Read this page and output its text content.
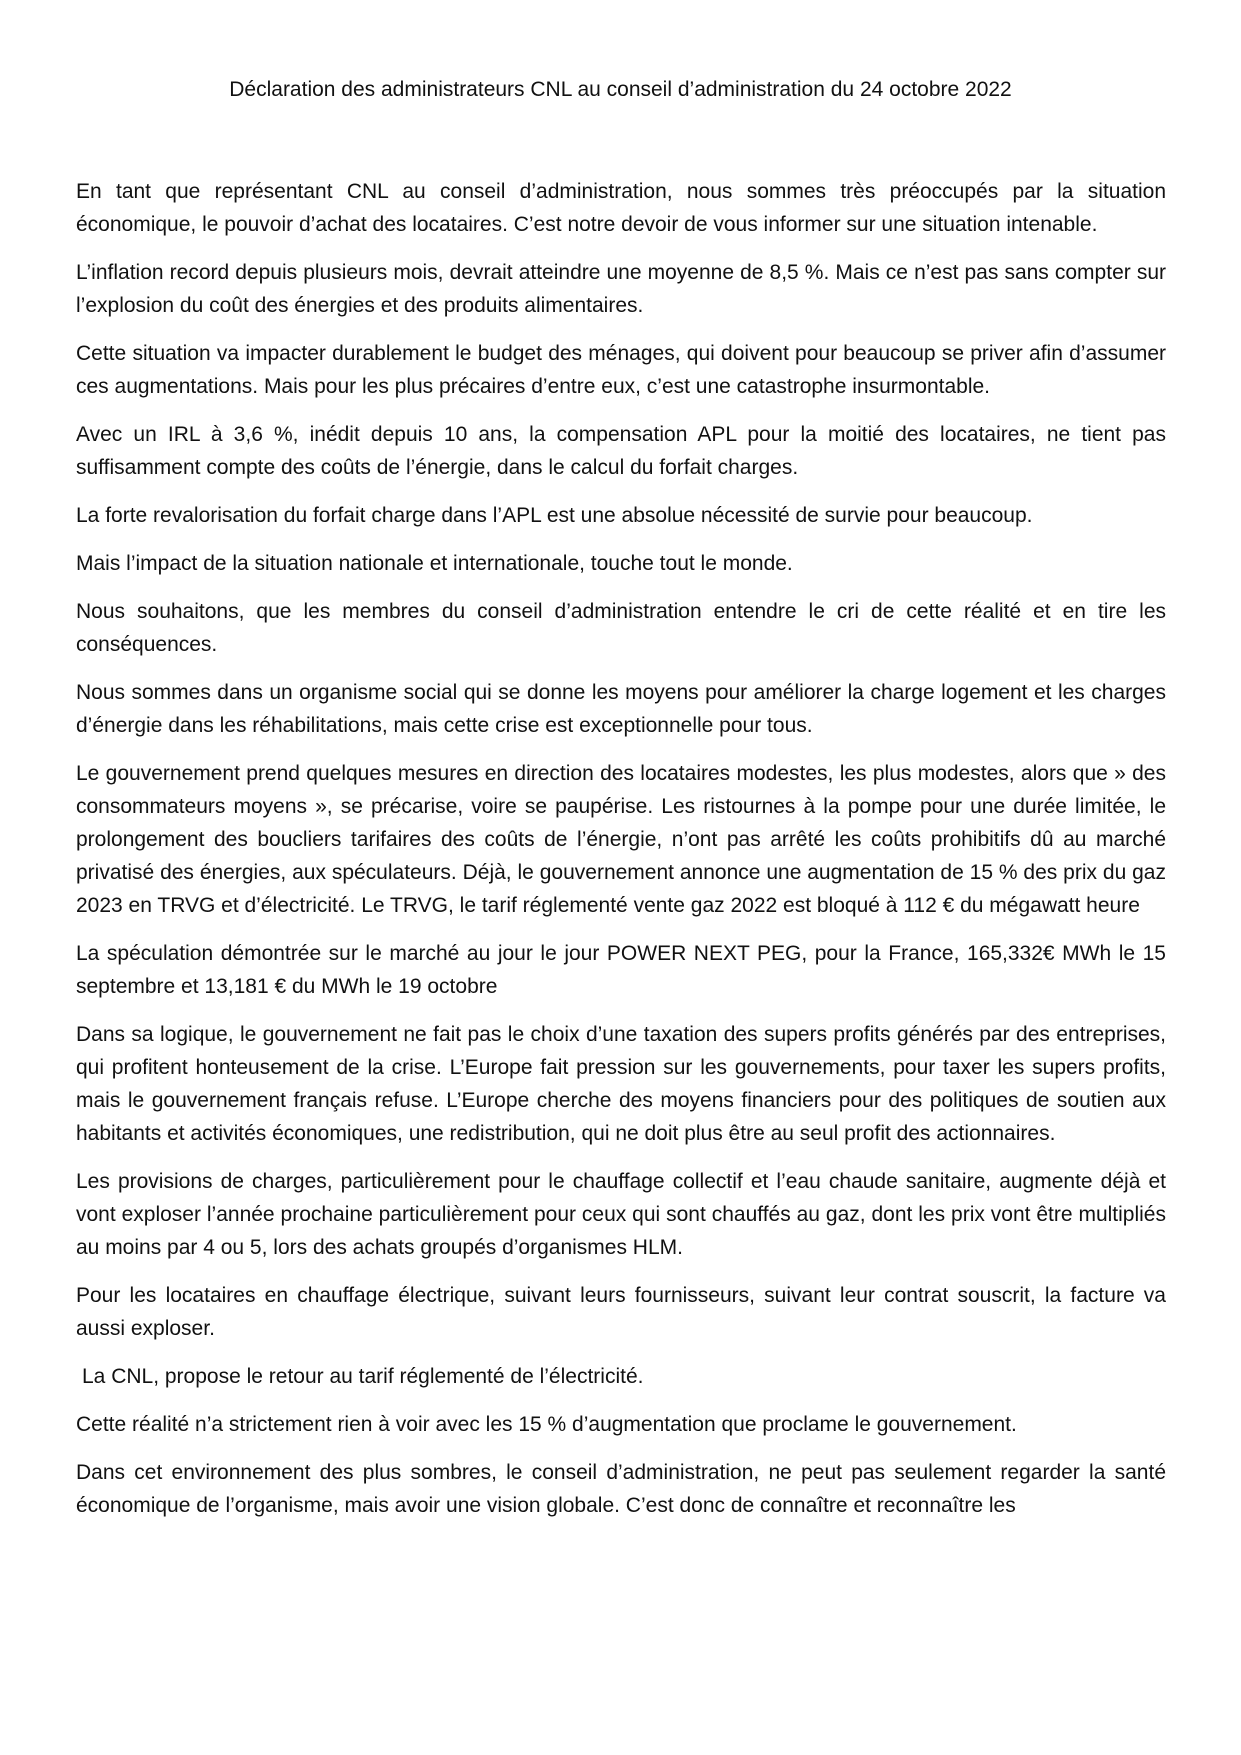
Déclaration des administrateurs CNL au conseil d’administration du 24 octobre 2022

En tant que représentant CNL au conseil d’administration, nous sommes très préoccupés par la situation économique, le pouvoir d’achat des locataires. C’est notre devoir de vous informer sur une situation intenable.

L’inflation record depuis plusieurs mois, devrait atteindre une moyenne de 8,5 %. Mais ce n’est pas sans compter sur l’explosion du coût des énergies et des produits alimentaires.

Cette situation va impacter durablement le budget des ménages, qui doivent pour beaucoup se priver afin d’assumer ces augmentations. Mais pour les plus précaires d’entre eux, c’est une catastrophe insurmontable.

Avec un IRL à 3,6 %, inédit depuis 10 ans, la compensation APL pour la moitié des locataires, ne tient pas suffisamment compte des coûts de l’énergie, dans le calcul du forfait charges.

La forte revalorisation du forfait charge dans l’APL est une absolue nécessité de survie pour beaucoup.

Mais l’impact de la situation nationale et internationale, touche tout le monde.

Nous souhaitons, que les membres du conseil d’administration entendre le cri de cette réalité et en tire les conséquences.

Nous sommes dans un organisme social qui se donne les moyens pour améliorer la charge logement et les charges d’énergie dans les réhabilitations, mais cette crise est exceptionnelle pour tous.

Le gouvernement prend quelques mesures en direction des locataires modestes, les plus modestes, alors que » des consommateurs moyens », se précarise, voire se paupérise. Les ristournes à la pompe pour une durée limitée, le prolongement des boucliers tarifaires des coûts de l’énergie, n’ont pas arrêté les coûts prohibitifs dû au marché privatisé des énergies, aux spéculateurs. Déjà, le gouvernement annonce une augmentation de 15 % des prix du gaz 2023 en TRVG et d’électricité. Le TRVG, le tarif réglementé vente gaz 2022 est bloqué à 112 € du mégawatt heure

La spéculation démontrée sur le marché au jour le jour POWER NEXT PEG, pour la France, 165,332€ MWh le 15 septembre et 13,181 € du MWh le 19 octobre

Dans sa logique, le gouvernement ne fait pas le choix d’une taxation des supers profits générés par des entreprises, qui profitent honteusement de la crise. L’Europe fait pression sur les gouvernements, pour taxer les supers profits, mais le gouvernement français refuse. L’Europe cherche des moyens financiers pour des politiques de soutien aux habitants et activités économiques, une redistribution, qui ne doit plus être au seul profit des actionnaires.

Les provisions de charges, particulièrement pour le chauffage collectif et l’eau chaude sanitaire, augmente déjà et vont exploser l’année prochaine particulièrement pour ceux qui sont chauffés au gaz, dont les prix vont être multipliés au moins par 4 ou 5, lors des achats groupés d’organismes HLM.

Pour les locataires en chauffage électrique, suivant leurs fournisseurs, suivant leur contrat souscrit, la facture va aussi exploser.

La CNL, propose le retour au tarif réglementé de l’électricité.

Cette réalité n’a strictement rien à voir avec les 15 % d’augmentation que proclame le gouvernement.

Dans cet environnement des plus sombres, le conseil d’administration, ne peut pas seulement regarder la santé économique de l’organisme, mais avoir une vision globale. C’est donc de connaître et reconnaître les
